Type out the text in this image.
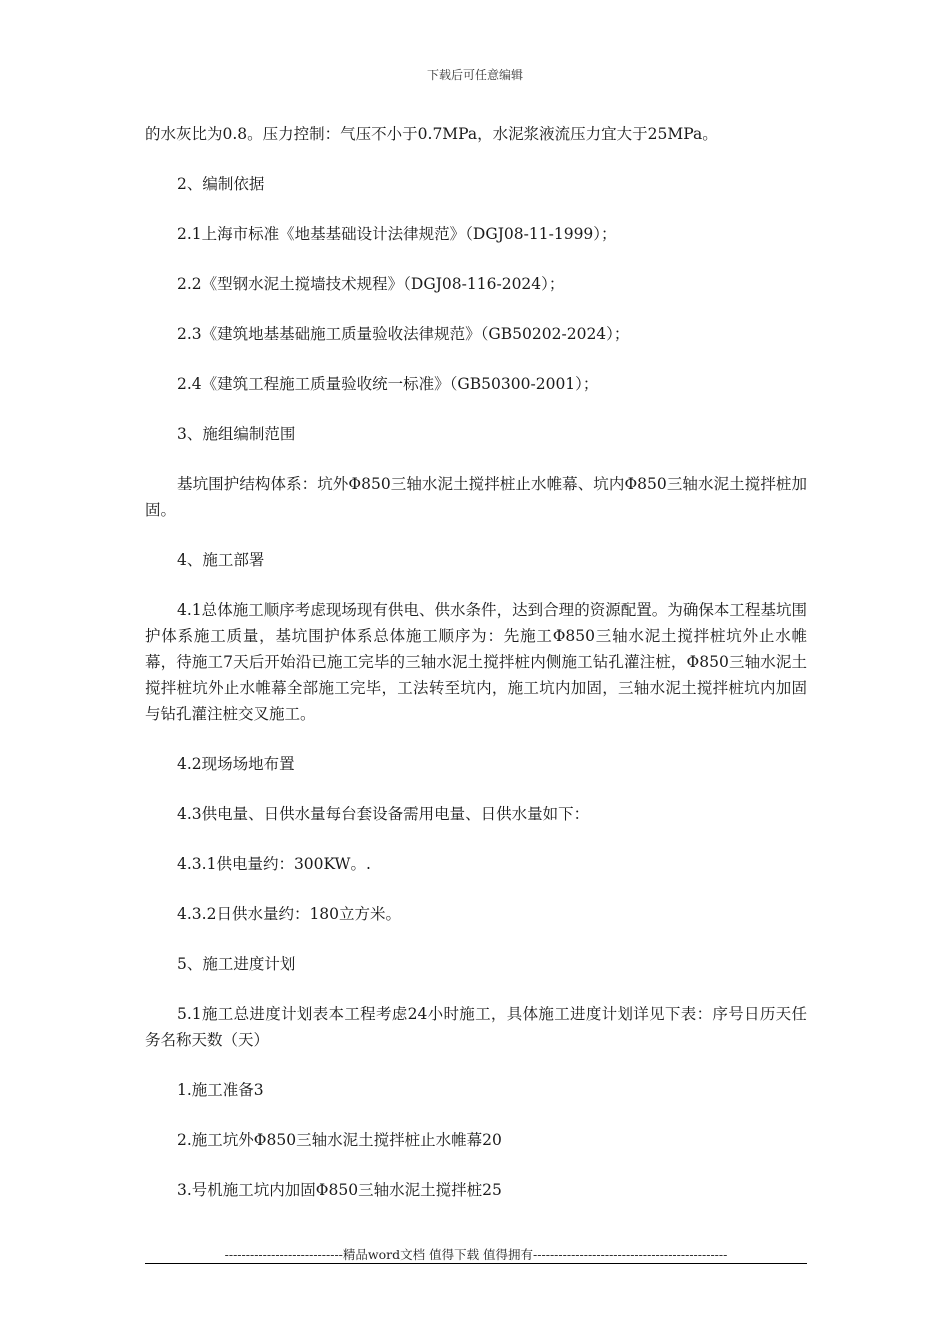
下载后可任意编辑

的水灰比为0.8。压力控制：气压不小于0.7MPa，水泥浆液流压力宜大于25MPa。

2、编制依据

2.1上海市标准《地基基础设计法律规范》（DGJ08-11-1999）；

2.2《型钢水泥土搅墙技术规程》（DGJ08-116-2024）；

2.3《建筑地基基础施工质量验收法律规范》（GB50202-2024）；

2.4《建筑工程施工质量验收统一标准》（GB50300-2001）；

3、施组编制范围

基坑围护结构体系：坑外Φ850三轴水泥土搅拌桩止水帷幕、坑内Φ850三轴水泥土搅拌桩加固。

4、施工部署

4.1总体施工顺序考虑现场现有供电、供水条件，达到合理的资源配置。为确保本工程基坑围护体系施工质量，基坑围护体系总体施工顺序为：先施工Φ850三轴水泥土搅拌桩坑外止水帷幕，待施工7天后开始沿已施工完毕的三轴水泥土搅拌桩内侧施工钻孔灌注桩，Φ850三轴水泥土搅拌桩坑外止水帷幕全部施工完毕，工法转至坑内，施工坑内加固，三轴水泥土搅拌桩坑内加固与钻孔灌注桩交叉施工。

4.2现场场地布置

4.3供电量、日供水量每台套设备需用电量、日供水量如下：

4.3.1供电量约：300KW。.

4.3.2日供水量约：180立方米。

5、施工进度计划

5.1施工总进度计划表本工程考虑24小时施工，具体施工进度计划详见下表：序号日历天任务名称天数（天）

1.施工准备3

2.施工坑外Φ850三轴水泥土搅拌桩止水帷幕20

3.号机施工坑内加固Φ850三轴水泥土搅拌桩25

----------------------------精品word文档 值得下载 值得拥有----------------------------------------------
